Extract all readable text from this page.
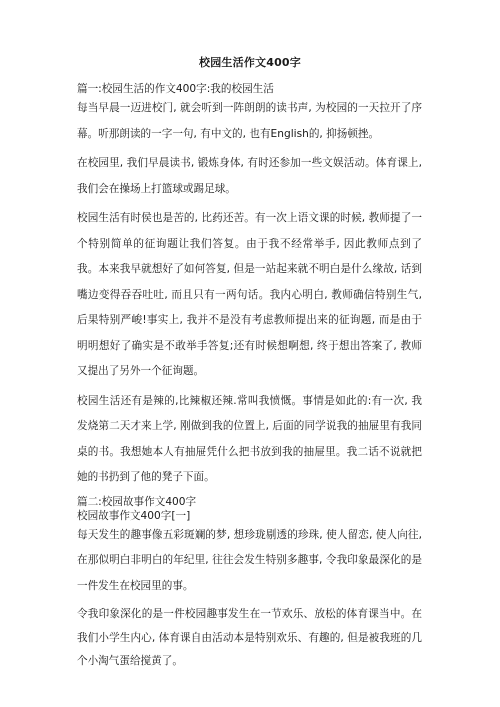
校园生活作文400字
篇一:校园生活的作文400字:我的校园生活
每当早晨一迈进校门, 就会听到一阵朗朗的读书声, 为校园的一天拉开了序幕。听那朗读的一字一句, 有中文的, 也有English的, 抑扬顿挫。
在校园里, 我们早晨读书, 锻炼身体, 有时还参加一些文娱活动。体育课上, 我们会在操场上打篮球或踢足球。
校园生活有时侯也是苦的, 比药还苦。有一次上语文课的时候, 教师提了一个特别简单的征询题让我们答复。由于我不经常举手, 因此教师点到了我。本来我早就想好了如何答复, 但是一站起来就不明白是什么缘故, 话到嘴边变得吞吞吐吐, 而且只有一两句话。我内心明白, 教师确信特别生气, 后果特别严峻!事实上, 我并不是没有考虑教师提出来的征询题, 而是由于明明想好了确实是不敢举手答复;还有时候想啊想, 终于想出答案了, 教师又提出了另外一个征询题。
校园生活还有是辣的,比辣椒还辣.常叫我愤慨。事情是如此的:有一次, 我发烧第二天才来上学, 刚做到我的位置上, 后面的同学说我的抽屉里有我同桌的书。我想她本人有抽屉凭什么把书放到我的抽屉里。我二话不说就把她的书扔到了他的凳子下面。
篇二:校园故事作文400字
校园故事作文400字[一]
每天发生的趣事像五彩斑斓的梦, 想珍珑剔透的珍珠, 使人留恋, 使人向往, 在那似明白非明白的年纪里, 往往会发生特别多趣事, 令我印象最深化的是一件发生在校园里的事。
令我印象深化的是一件校园趣事发生在一节欢乐、放松的体育课当中。在我们小学生内心, 体育课自由活动本是特别欢乐、有趣的, 但是被我班的几个小淘气蛋给搅黄了。
